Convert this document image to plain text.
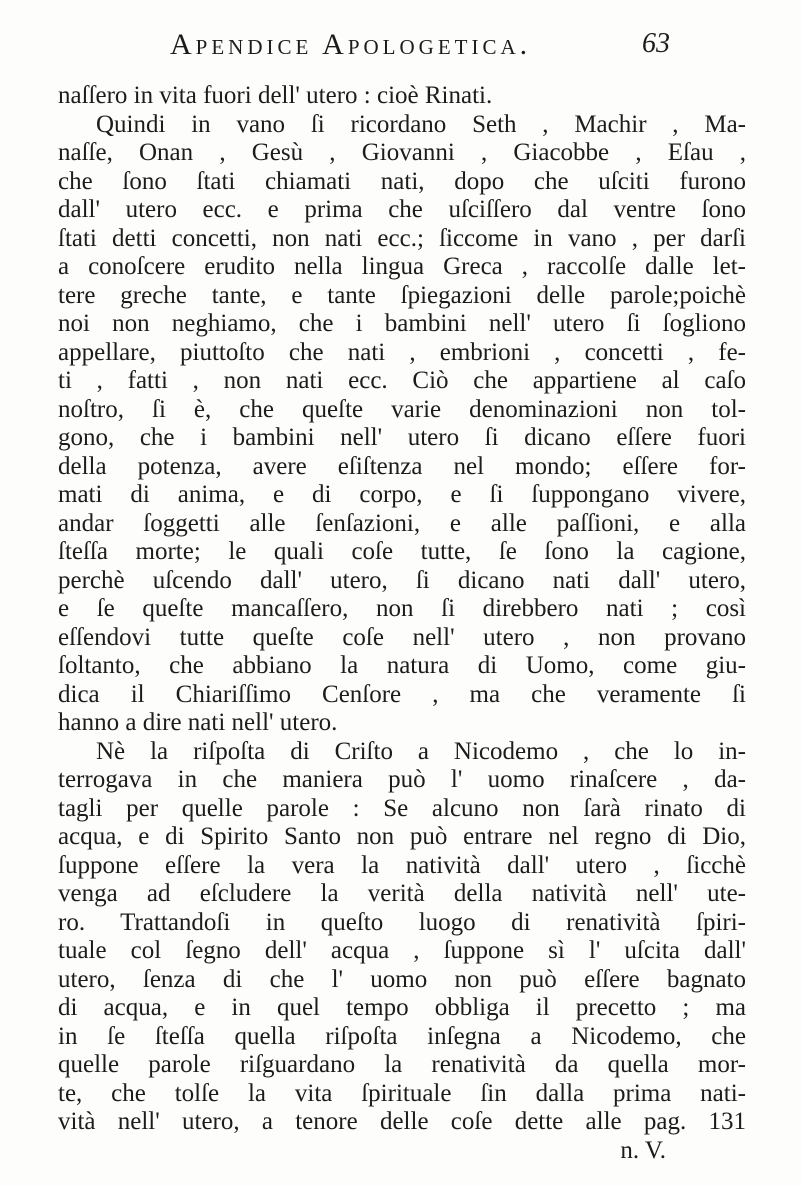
Apendice Apologetica.	63
naſſero in vita fuori dell' utero : cioè Rinati.
Quindi in vano ſi ricordano Seth , Machir , Ma-
naſſe, Onan , Gesù , Giovanni , Giacobbe , Eſau ,
che ſono ſtati chiamati nati, dopo che uſciti furono
dall' utero ecc. e prima che uſciſſero dal ventre ſono
ſtati detti concetti, non nati ecc.; ſiccome in vano , per darſi
a conoſcere erudito nella lingua Greca , raccolſe dalle let-
tere greche tante, e tante ſpiegazioni delle parole;poichè
noi non neghiamo, che i bambini nell' utero ſi ſogliono
appellare, piuttoſto che nati , embrioni , concetti , fe-
ti , fatti , non nati ecc. Ciò che appartiene al caſo
noſtro, ſi è, che queſte varie denominazioni non tol-
gono, che i bambini nell' utero ſi dicano eſſere fuori
della potenza, avere eſiſtenza nel mondo; eſſere for-
mati di anima, e di corpo, e ſi ſuppongano vivere,
andar ſoggetti alle ſenſazioni, e alle paſſioni, e alla
ſteſſa morte; le quali coſe tutte, ſe ſono la cagione,
perchè uſcendo dall' utero, ſi dicano nati dall' utero,
e ſe queſte mancaſſero, non ſi direbbero nati ; così
eſſendovi tutte queſte coſe nell' utero , non provano
ſoltanto, che abbiano la natura di Uomo, come giu-
dica il Chiariſſimo Cenſore , ma che veramente ſi
hanno a dire nati nell' utero.
Nè la riſpoſta di Criſto a Nicodemo , che lo in-
terrogava in che maniera può l' uomo rinaſcere , da-
tagli per quelle parole : Se alcuno non ſarà rinato di
acqua, e di Spirito Santo non può entrare nel regno di Dio,
ſuppone eſſere la vera la natività dall' utero , ſicchè
venga ad eſcludere la verità della natività nell' ute-
ro. Trattandoſi in queſto luogo di renatività ſpiri-
tuale col ſegno dell' acqua , ſuppone sì l' uſcita dall'
utero, ſenza di che l' uomo non può eſſere bagnato
di acqua, e in quel tempo obbliga il precetto ; ma
in ſe ſteſſa quella riſpoſta inſegna a Nicodemo, che
quelle parole riſguardano la renatività da quella mor-
te, che tolſe la vita ſpirituale ſin dalla prima nati-
vità nell' utero, a tenore delle coſe dette alle pag. 131
n. V.
